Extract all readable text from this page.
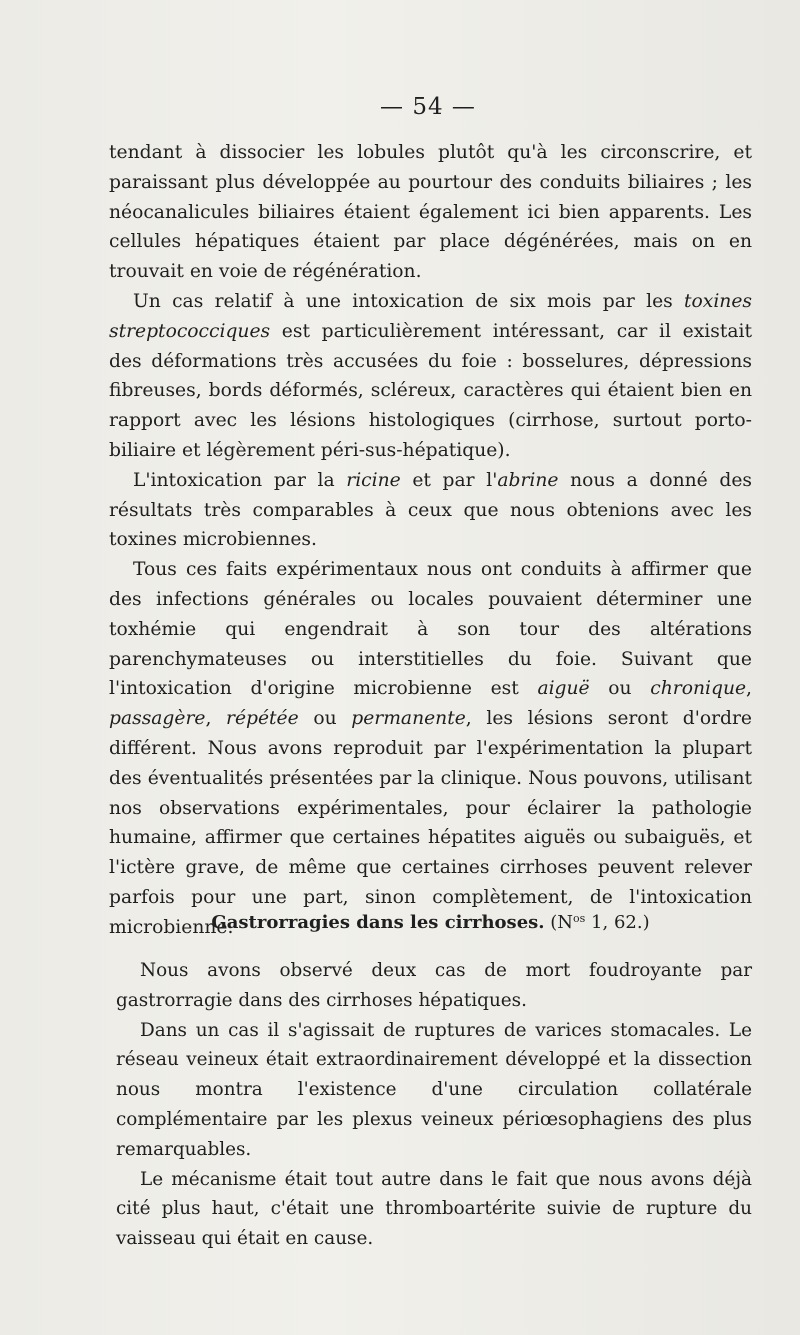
— 54 —

tendant à dissocier les lobules plutôt qu'à les circonscrire, et paraissant plus développée au pourtour des conduits biliaires ; les néocanalicules biliaires étaient également ici bien apparents. Les cellules hépatiques étaient par place dégénérées, mais on en trouvait en voie de régénération.

Un cas relatif à une intoxication de six mois par les toxines streptococciques est particulièrement intéressant, car il existait des déformations très accusées du foie : bosselures, dépressions fibreuses, bords déformés, scléreux, caractères qui étaient bien en rapport avec les lésions histologiques (cirrhose, surtout porto-biliaire et légèrement péri-sus-hépatique).

L'intoxication par la ricine et par l'abrine nous a donné des résultats très comparables à ceux que nous obtenions avec les toxines microbiennes.

Tous ces faits expérimentaux nous ont conduits à affirmer que des infections générales ou locales pouvaient déterminer une toxhémie qui engendrait à son tour des altérations parenchymateuses ou interstitielles du foie. Suivant que l'intoxication d'origine microbienne est aiguë ou chronique, passagère, répétée ou permanente, les lésions seront d'ordre différent. Nous avons reproduit par l'expérimentation la plupart des éventualités présentées par la clinique. Nous pouvons, utilisant nos observations expérimentales, pour éclairer la pathologie humaine, affirmer que certaines hépatites aiguës ou subaiguës, et l'ictère grave, de même que certaines cirrhoses peuvent relever parfois pour une part, sinon complètement, de l'intoxication microbienne.

Gastrorragies dans les cirrhoses. ($N^{os}$ 1, 62.)

Nous avons observé deux cas de mort foudroyante par gastrorragie dans des cirrhoses hépatiques.

Dans un cas il s'agissait de ruptures de varices stomacales. Le réseau veineux était extraordinairement développé et la dissection nous montra l'existence d'une circulation collatérale complémentaire par les plexus veineux périœsophagiens des plus remarquables.

Le mécanisme était tout autre dans le fait que nous avons déjà cité plus haut, c'était une thromboartérite suivie de rupture du vaisseau qui était en cause.
